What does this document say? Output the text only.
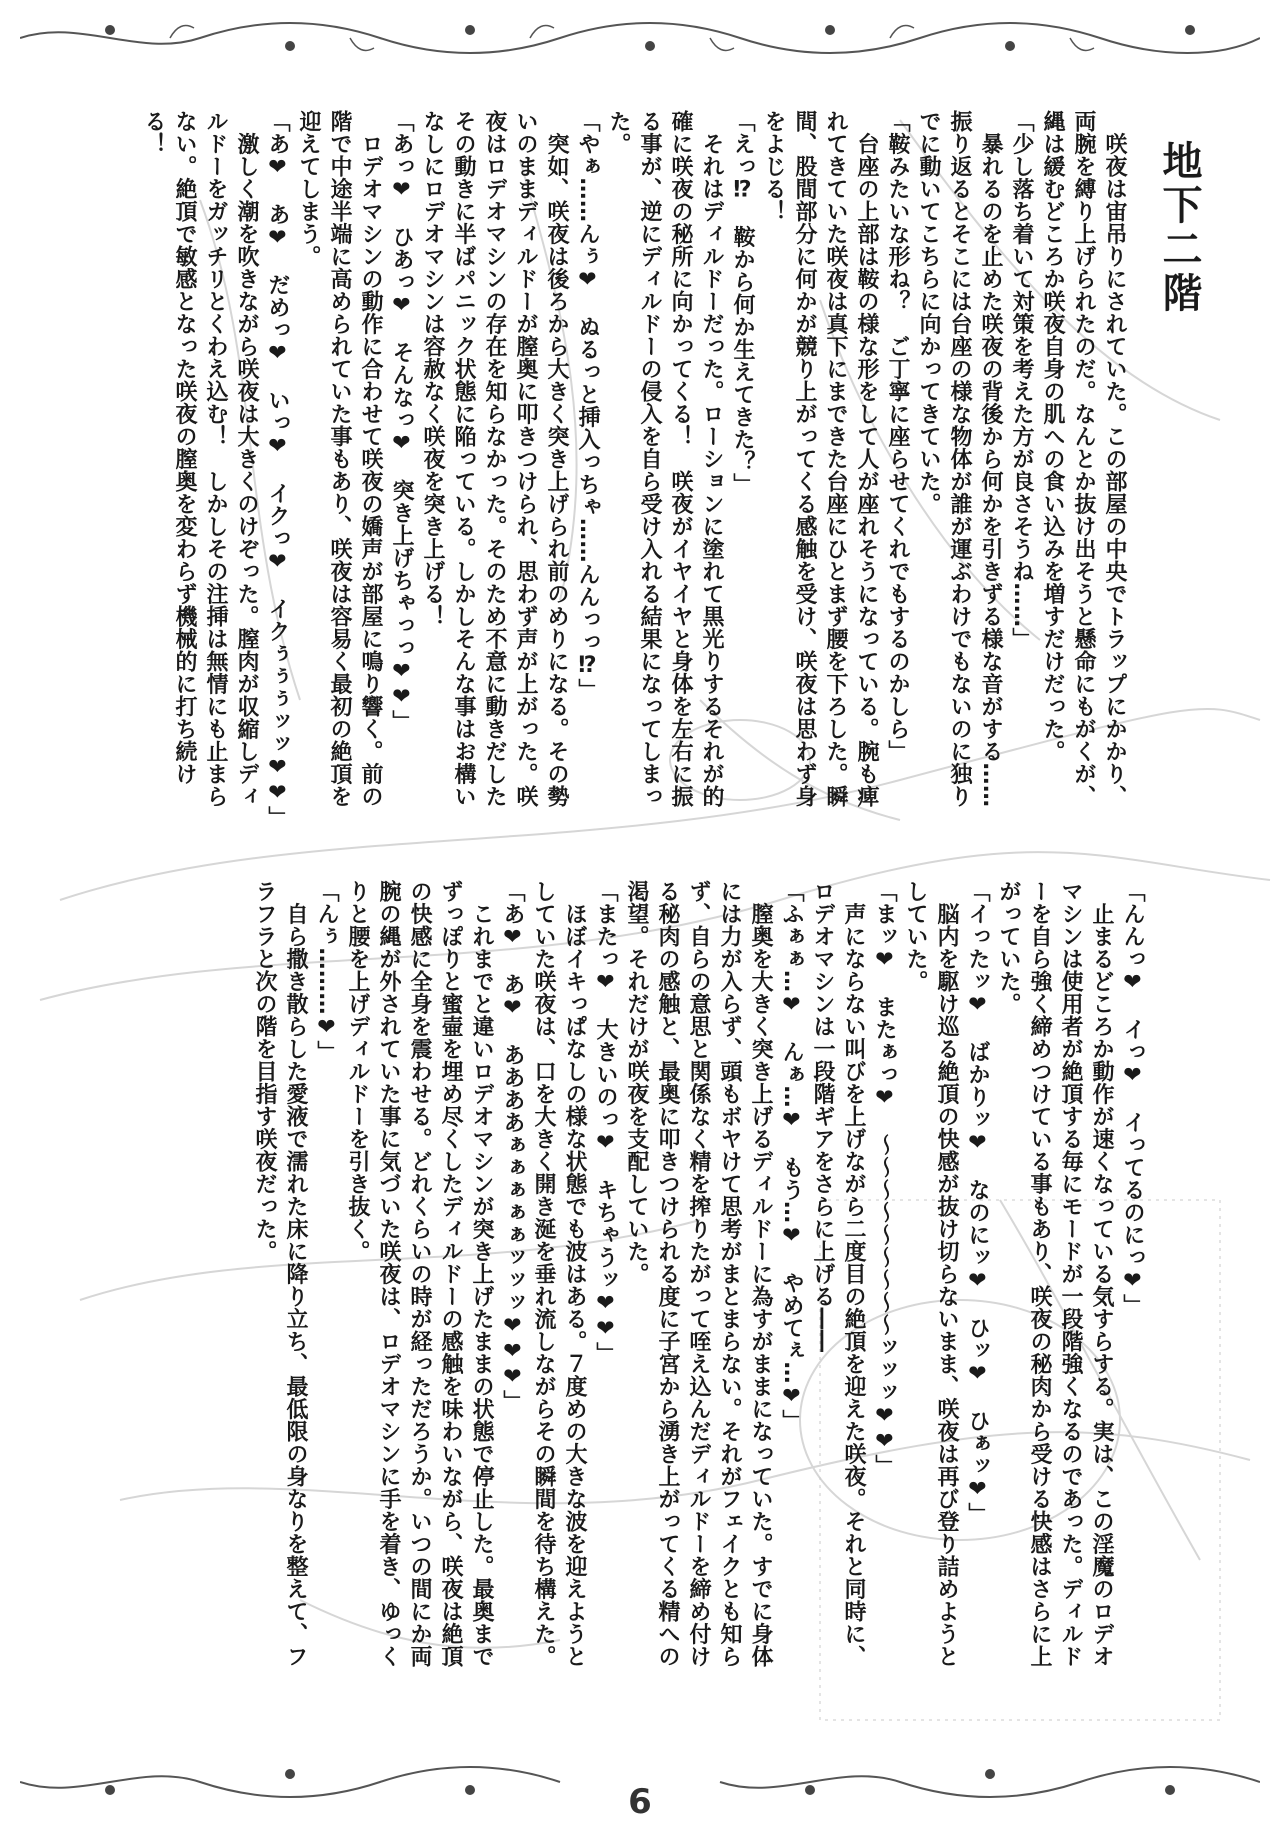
6
地下二階

　咲夜は宙吊りにされていた。この部屋の中央でトラップにかかり、両腕を縛り上げられたのだ。なんとか抜け出そうと懸命にもがくが、縄は緩むどころか咲夜自身の肌への食い込みを増すだけだった。

「少し落ち着いて対策を考えた方が良さそうね……」

　暴れるのを止めた咲夜の背後から何かを引きずる様な音がする……振り返るとそこには台座の様な物体が誰が運ぶわけでもないのに独りでに動いてこちらに向かってきていた。

「鞍みたいな形ね？　ご丁寧に座らせてくれでもするのかしら」

　台座の上部は鞍の様な形をして人が座れそうになっている。腕も痺れてきていた咲夜は真下にまできた台座にひとまず腰を下ろした。瞬間、股間部分に何かが競り上がってくる感触を受け、咲夜は思わず身をよじる！

「えっ⁉　鞍から何か生えてきた？」

　それはディルドーだった。ローションに塗れて黒光りするそれが的確に咲夜の秘所に向かってくる！　咲夜がイヤイヤと身体を左右に振る事が、逆にディルドーの侵入を自ら受け入れる結果になってしまった。

「やぁ……んぅ❤　ぬるっと挿入っちゃ……んんっっ⁉」

　突如、咲夜は後ろから大きく突き上げられ前のめりになる。その勢いのままディルドーが膣奥に叩きつけられ、思わず声が上がった。咲夜はロデオマシンの存在を知らなかった。そのため不意に動きだしたその動きに半ばパニック状態に陥っている。しかしそんな事はお構いなしにロデオマシンは容赦なく咲夜を突き上げる！

「あっ❤　ひあっ❤　そんなっ❤　突き上げちゃっっ❤❤」

　ロデオマシンの動作に合わせて咲夜の嬌声が部屋に鳴り響く。前の階で中途半端に高められていた事もあり、咲夜は容易く最初の絶頂を迎えてしまう。

「あ❤　あ❤　だめっ❤　いっ❤　イクっ❤　イクぅぅぅッッ❤❤」

　激しく潮を吹きながら咲夜は大きくのけぞった。膣肉が収縮しディルドーをガッチリとくわえ込む！　しかしその注挿は無情にも止まらない。絶頂で敏感となった咲夜の膣奥を変わらず機械的に打ち続ける！

「んんっ❤　イっ❤　イってるのにっ❤」

　止まるどころか動作が速くなっている気すらする。実は、この淫魔のロデオマシンは使用者が絶頂する毎にモードが一段階強くなるのであった。ディルドーを自ら強く締めつけている事もあり、咲夜の秘肉から受ける快感はさらに上がっていた。

「イったッ❤　ばかりッ❤　なのにッ❤　ひッ❤　ひぁッ❤」

　脳内を駆け巡る絶頂の快感が抜け切らないまま、咲夜は再び登り詰めようとしていた。

「まッ❤　またぁっ❤　〜〜〜〜〜〜〜〜〜ッッッ❤❤」

　声にならない叫びを上げながら二度目の絶頂を迎えた咲夜。それと同時に、ロデオマシンは一段階ギアをさらに上げる――

「ふぁぁ…❤　んぁ…❤　もう…❤　やめてぇ…❤」

　膣奥を大きく突き上げるディルドーに為すがままになっていた。すでに身体には力が入らず、頭もボヤけて思考がまとまらない。それがフェイクとも知らず、自らの意思と関係なく精を搾りたがって咥え込んだディルドーを締め付ける秘肉の感触と、最奥に叩きつけられる度に子宮から湧き上がってくる精への渇望。それだけが咲夜を支配していた。

「またっ❤　大きいのっ❤　キちゃうッ❤❤」

　ほぼイキっぱなしの様な状態でも波はある。７度めの大きな波を迎えようとしていた咲夜は、口を大きく開き涎を垂れ流しながらその瞬間を待ち構えた。

「あ❤　あ❤　ああああぁぁぁぁぁッッッ❤❤❤」

　これまでと違いロデオマシンが突き上げたままの状態で停止した。最奥までずっぽりと蜜壷を埋め尽くしたディルドーの感触を味わいながら、咲夜は絶頂の快感に全身を震わせる。どれくらいの時が経っただろうか。いつの間にか両腕の縄が外されていた事に気づいた咲夜は、ロデオマシンに手を着き、ゆっくりと腰を上げディルドーを引き抜く。

「んぅ………❤」

　自ら撒き散らした愛液で濡れた床に降り立ち、最低限の身なりを整えて、フラフラと次の階を目指す咲夜だった。
